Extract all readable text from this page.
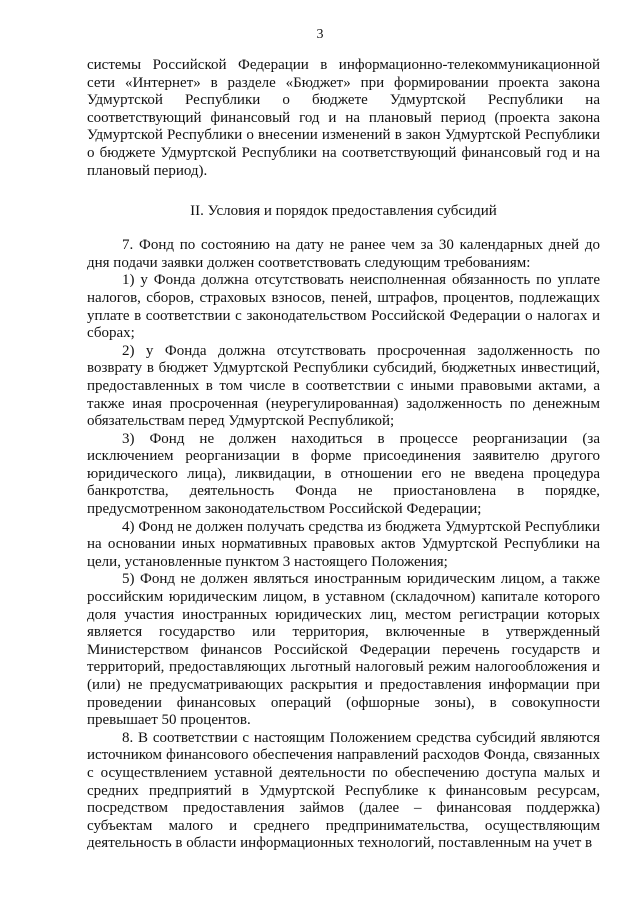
3

системы Российской Федерации в информационно-телекоммуникационной сети «Интернет» в разделе «Бюджет» при формировании проекта закона Удмуртской Республики о бюджете Удмуртской Республики на соответствующий финансовый год и на плановый период (проекта закона Удмуртской Республики о внесении изменений в закон Удмуртской Республики о бюджете Удмуртской Республики на соответствующий финансовый год и на плановый период).

II. Условия и порядок предоставления субсидий

7. Фонд по состоянию на дату не ранее чем за 30 календарных дней до дня подачи заявки должен соответствовать следующим требованиям:

1) у Фонда должна отсутствовать неисполненная обязанность по уплате налогов, сборов, страховых взносов, пеней, штрафов, процентов, подлежащих уплате в соответствии с законодательством Российской Федерации о налогах и сборах;

2) у Фонда должна отсутствовать просроченная задолженность по возврату в бюджет Удмуртской Республики субсидий, бюджетных инвестиций, предоставленных в том числе в соответствии с иными правовыми актами, а также иная просроченная (неурегулированная) задолженность по денежным обязательствам перед Удмуртской Республикой;

3) Фонд не должен находиться в процессе реорганизации (за исключением реорганизации в форме присоединения заявителю другого юридического лица), ликвидации, в отношении его не введена процедура банкротства, деятельность Фонда не приостановлена в порядке, предусмотренном законодательством Российской Федерации;

4) Фонд не должен получать средства из бюджета Удмуртской Республики на основании иных нормативных правовых актов Удмуртской Республики на цели, установленные пунктом 3 настоящего Положения;

5) Фонд не должен являться иностранным юридическим лицом, а также российским юридическим лицом, в уставном (складочном) капитале которого доля участия иностранных юридических лиц, местом регистрации которых является государство или территория, включенные в утвержденный Министерством финансов Российской Федерации перечень государств и территорий, предоставляющих льготный налоговый режим налогообложения и (или) не предусматривающих раскрытия и предоставления информации при проведении финансовых операций (офшорные зоны), в совокупности превышает 50 процентов.

8. В соответствии с настоящим Положением средства субсидий являются источником финансового обеспечения направлений расходов Фонда, связанных с осуществлением уставной деятельности по обеспечению доступа малых и средних предприятий в Удмуртской Республике к финансовым ресурсам, посредством предоставления займов (далее – финансовая поддержка) субъектам малого и среднего предпринимательства, осуществляющим деятельность в области информационных технологий, поставленным на учет в
